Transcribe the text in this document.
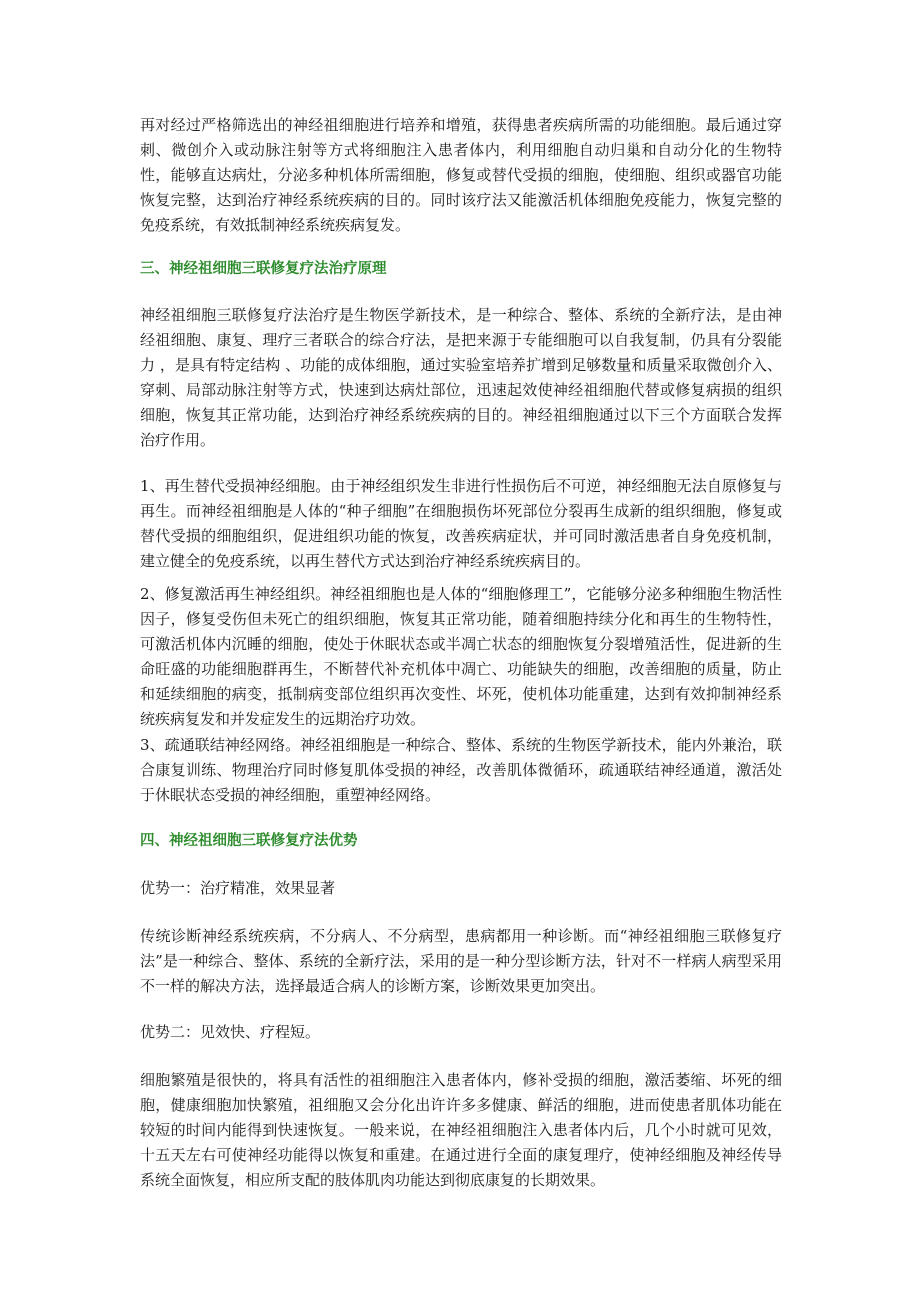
再对经过严格筛选出的神经祖细胞进行培养和增殖，获得患者疾病所需的功能细胞。最后通过穿刺、微创介入或动脉注射等方式将细胞注入患者体内，利用细胞自动归巢和自动分化的生物特性，能够直达病灶，分泌多种机体所需细胞，修复或替代受损的细胞，使细胞、组织或器官功能恢复完整，达到治疗神经系统疾病的目的。同时该疗法又能激活机体细胞免疫能力，恢复完整的免疫系统，有效抵制神经系统疾病复发。

三、神经祖细胞三联修复疗法治疗原理

神经祖细胞三联修复疗法治疗是生物医学新技术，是一种综合、整体、系统的全新疗法，是由神经祖细胞、康复、理疗三者联合的综合疗法，是把来源于专能细胞可以自我复制，仍具有分裂能力 ，是具有特定结构 、功能的成体细胞，通过实验室培养扩增到足够数量和质量采取微创介入、穿刺、局部动脉注射等方式，快速到达病灶部位，迅速起效使神经祖细胞代替或修复病损的组织细胞，恢复其正常功能，达到治疗神经系统疾病的目的。神经祖细胞通过以下三个方面联合发挥治疗作用。

1、再生替代受损神经细胞。由于神经组织发生非进行性损伤后不可逆，神经细胞无法自原修复与再生。而神经祖细胞是人体的“种子细胞”在细胞损伤坏死部位分裂再生成新的组织细胞，修复或替代受损的细胞组织，促进组织功能的恢复，改善疾病症状，并可同时激活患者自身免疫机制，建立健全的免疫系统，以再生替代方式达到治疗神经系统疾病目的。

2、修复激活再生神经组织。神经祖细胞也是人体的“细胞修理工”，它能够分泌多种细胞生物活性因子，修复受伤但未死亡的组织细胞，恢复其正常功能，随着细胞持续分化和再生的生物特性，可激活机体内沉睡的细胞，使处于休眠状态或半凋亡状态的细胞恢复分裂增殖活性，促进新的生命旺盛的功能细胞群再生，不断替代补充机体中凋亡、功能缺失的细胞，改善细胞的质量，防止和延续细胞的病变，抵制病变部位组织再次变性、坏死，使机体功能重建，达到有效抑制神经系统疾病复发和并发症发生的远期治疗功效。

3、疏通联结神经网络。神经祖细胞是一种综合、整体、系统的生物医学新技术，能内外兼治，联合康复训练、物理治疗同时修复肌体受损的神经，改善肌体微循环，疏通联结神经通道，激活处于休眠状态受损的神经细胞，重塑神经网络。

四、神经祖细胞三联修复疗法优势

优势一：治疗精准，效果显著

传统诊断神经系统疾病，不分病人、不分病型，患病都用一种诊断。而“神经祖细胞三联修复疗法”是一种综合、整体、系统的全新疗法，采用的是一种分型诊断方法，针对不一样病人病型采用不一样的解决方法，选择最适合病人的诊断方案，诊断效果更加突出。

优势二：见效快、疗程短。

细胞繁殖是很快的，将具有活性的祖细胞注入患者体内，修补受损的细胞，激活萎缩、坏死的细胞，健康细胞加快繁殖，祖细胞又会分化出许许多多健康、鲜活的细胞，进而使患者肌体功能在较短的时间内能得到快速恢复。一般来说，在神经祖细胞注入患者体内后，几个小时就可见效，十五天左右可使神经功能得以恢复和重建。在通过进行全面的康复理疗，使神经细胞及神经传导系统全面恢复，相应所支配的肢体肌肉功能达到彻底康复的长期效果。
